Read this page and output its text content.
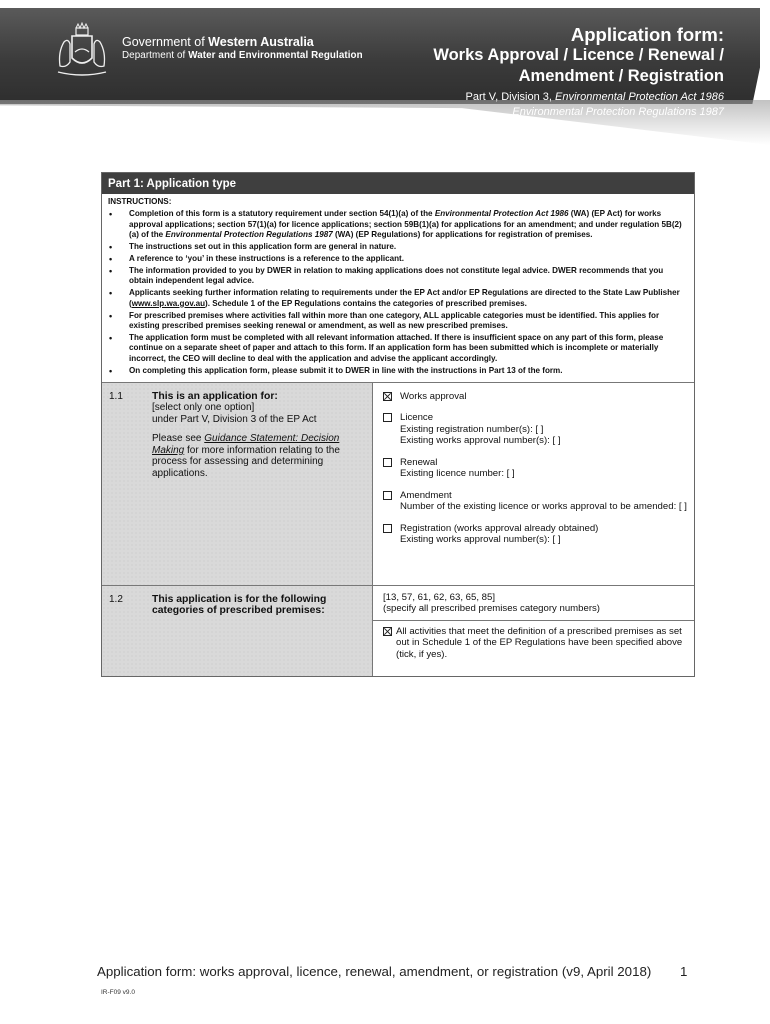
Government of Western Australia
Department of Water and Environmental Regulation
Application form:
Works Approval / Licence / Renewal /
Amendment / Registration
Part V, Division 3, Environmental Protection Act 1986
Environmental Protection Regulations 1987
Part 1: Application type
INSTRUCTIONS:
• Completion of this form is a statutory requirement under section 54(1)(a) of the Environmental Protection Act 1986 (WA) (EP Act) for works approval applications; section 57(1)(a) for licence applications; section 59B(1)(a) for applications for an amendment; and under regulation 5B(2)(a) of the Environmental Protection Regulations 1987 (WA) (EP Regulations) for applications for registration of premises.
• The instructions set out in this application form are general in nature.
• A reference to ‘you’ in these instructions is a reference to the applicant.
• The information provided to you by DWER in relation to making applications does not constitute legal advice. DWER recommends that you obtain independent legal advice.
• Applicants seeking further information relating to requirements under the EP Act and/or EP Regulations are directed to the State Law Publisher (www.slp.wa.gov.au). Schedule 1 of the EP Regulations contains the categories of prescribed premises.
• For prescribed premises where activities fall within more than one category, ALL applicable categories must be identified. This applies for existing prescribed premises seeking renewal or amendment, as well as new prescribed premises.
• The application form must be completed with all relevant information attached. If there is insufficient space on any part of this form, please continue on a separate sheet of paper and attach to this form. If an application form has been submitted which is incomplete or materially incorrect, the CEO will decline to deal with the application and advise the applicant accordingly.
• On completing this application form, please submit it to DWER in line with the instructions in Part 13 of the form.
1.1	This is an application for:
[select only one option]
under Part V, Division 3 of the EP Act
Please see Guidance Statement: Decision Making for more information relating to the process for assessing and determining applications.
Works approval
Licence
Existing registration number(s): [ ]
Existing works approval number(s): [ ]
Renewal
Existing licence number: [ ]
Amendment
Number of the existing licence or works approval to be amended: [ ]
Registration (works approval already obtained)
Existing works approval number(s): [ ]
1.2	This application is for the following categories of prescribed premises:
[13, 57, 61, 62, 63, 65, 85]
(specify all prescribed premises category numbers)
All activities that meet the definition of a prescribed premises as set out in Schedule 1 of the EP Regulations have been specified above (tick, if yes).
Application form: works approval, licence, renewal, amendment, or registration (v9, April 2018) 1
IR-F09 v9.0
